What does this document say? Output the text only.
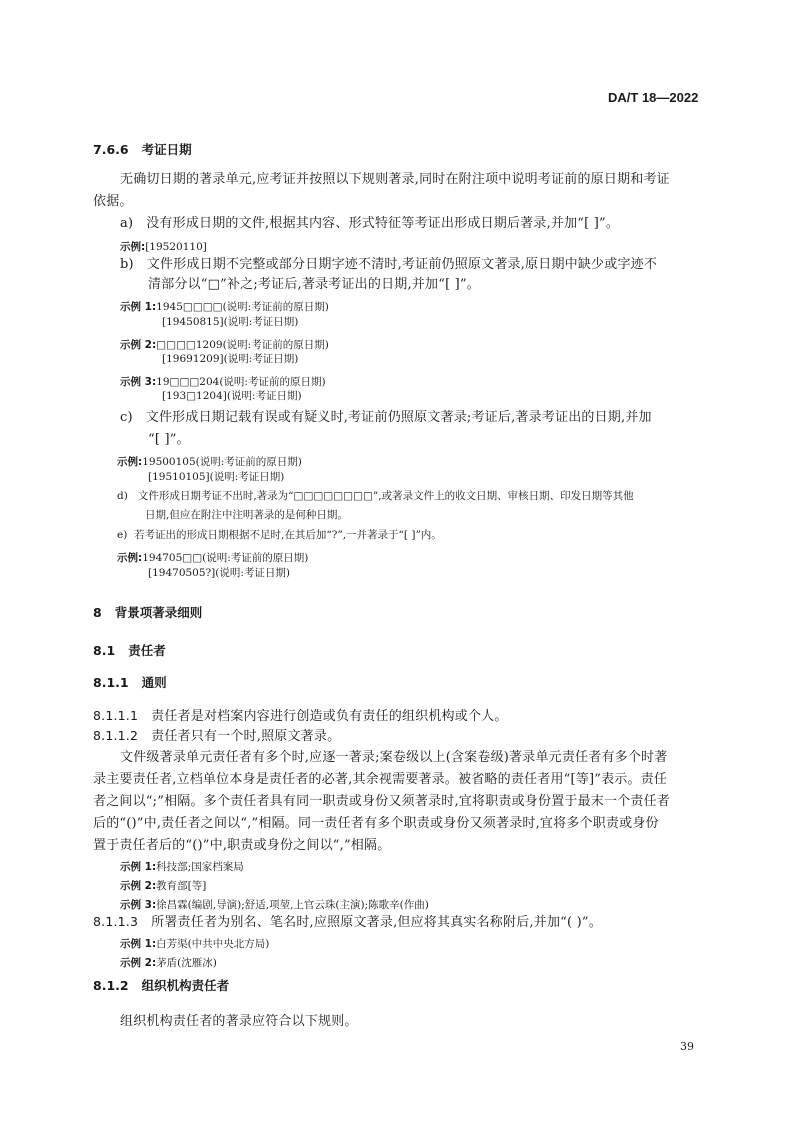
DA/T 18—2022
7.6.6 考证日期
无确切日期的著录单元,应考证并按照以下规则著录,同时在附注项中说明考证前的原日期和考证
依据。
a) 没有形成日期的文件,根据其内容、形式特征等考证出形成日期后著录,并加“[ ]”。
示例:[19520110]
b) 文件形成日期不完整或部分日期字迹不清时,考证前仍照原文著录,原日期中缺少或字迹不
清部分以“□”补之;考证后,著录考证出的日期,并加“[ ]”。
示例 1:1945□□□□(说明:考证前的原日期)
[19450815](说明:考证日期)
示例 2:□□□□1209(说明:考证前的原日期)
[19691209](说明:考证日期)
示例 3:19□□□204(说明:考证前的原日期)
[193□1204](说明:考证日期)
c) 文件形成日期记载有误或有疑义时,考证前仍照原文著录;考证后,著录考证出的日期,并加
“[ ]”。
示例:19500105(说明:考证前的原日期)
[19510105](说明:考证日期)
d) 文件形成日期考证不出时,著录为“□□□□□□□□”,或著录文件上的收文日期、审核日期、印发日期等其他
日期,但应在附注中注明著录的是何种日期。
e) 若考证出的形成日期根据不足时,在其后加“?”,一并著录于“[ ]”内。
示例:194705□□(说明:考证前的原日期)
[19470505?](说明:考证日期)
8 背景项著录细则
8.1 责任者
8.1.1 通则
8.1.1.1 责任者是对档案内容进行创造或负有责任的组织机构或个人。
8.1.1.2 责任者只有一个时,照原文著录。
文件级著录单元责任者有多个时,应逐一著录;案卷级以上(含案卷级)著录单元责任者有多个时著
录主要责任者,立档单位本身是责任者的必著,其余视需要著录。被省略的责任者用“[等]”表示。责任
者之间以“;”相隔。多个责任者具有同一职责或身份又须著录时,宜将职责或身份置于最末一个责任者
后的“()”中,责任者之间以“,”相隔。同一责任者有多个职责或身份又须著录时,宜将多个职责或身份
置于责任者后的“()”中,职责或身份之间以“,”相隔。
示例 1:科技部;国家档案局
示例 2:教育部[等]
示例 3:徐昌霖(编剧,导演);舒适,项堃,上官云珠(主演);陈歌辛(作曲)
8.1.1.3 所署责任者为别名、笔名时,应照原文著录,但应将其真实名称附后,并加“( )”。
示例 1:白芳渠(中共中央北方局)
示例 2:茅盾(沈雁冰)
8.1.2 组织机构责任者
组织机构责任者的著录应符合以下规则。
39
